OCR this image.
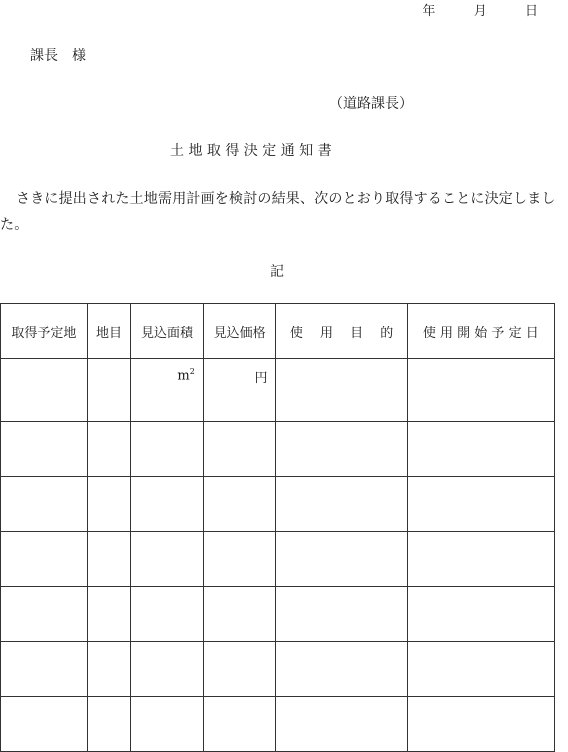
年	月	日
課長　様
（道路課長）
土 地 取 得 決 定 通 知 書
さきに提出された土地需用計画を検討の結果、次のとおり取得することに決定しました。
記
取得予定地	地目	見込面積	見込価格	使　 用　 目　 的	使 用 開 始 予 定 日
		$m^2$	円		
